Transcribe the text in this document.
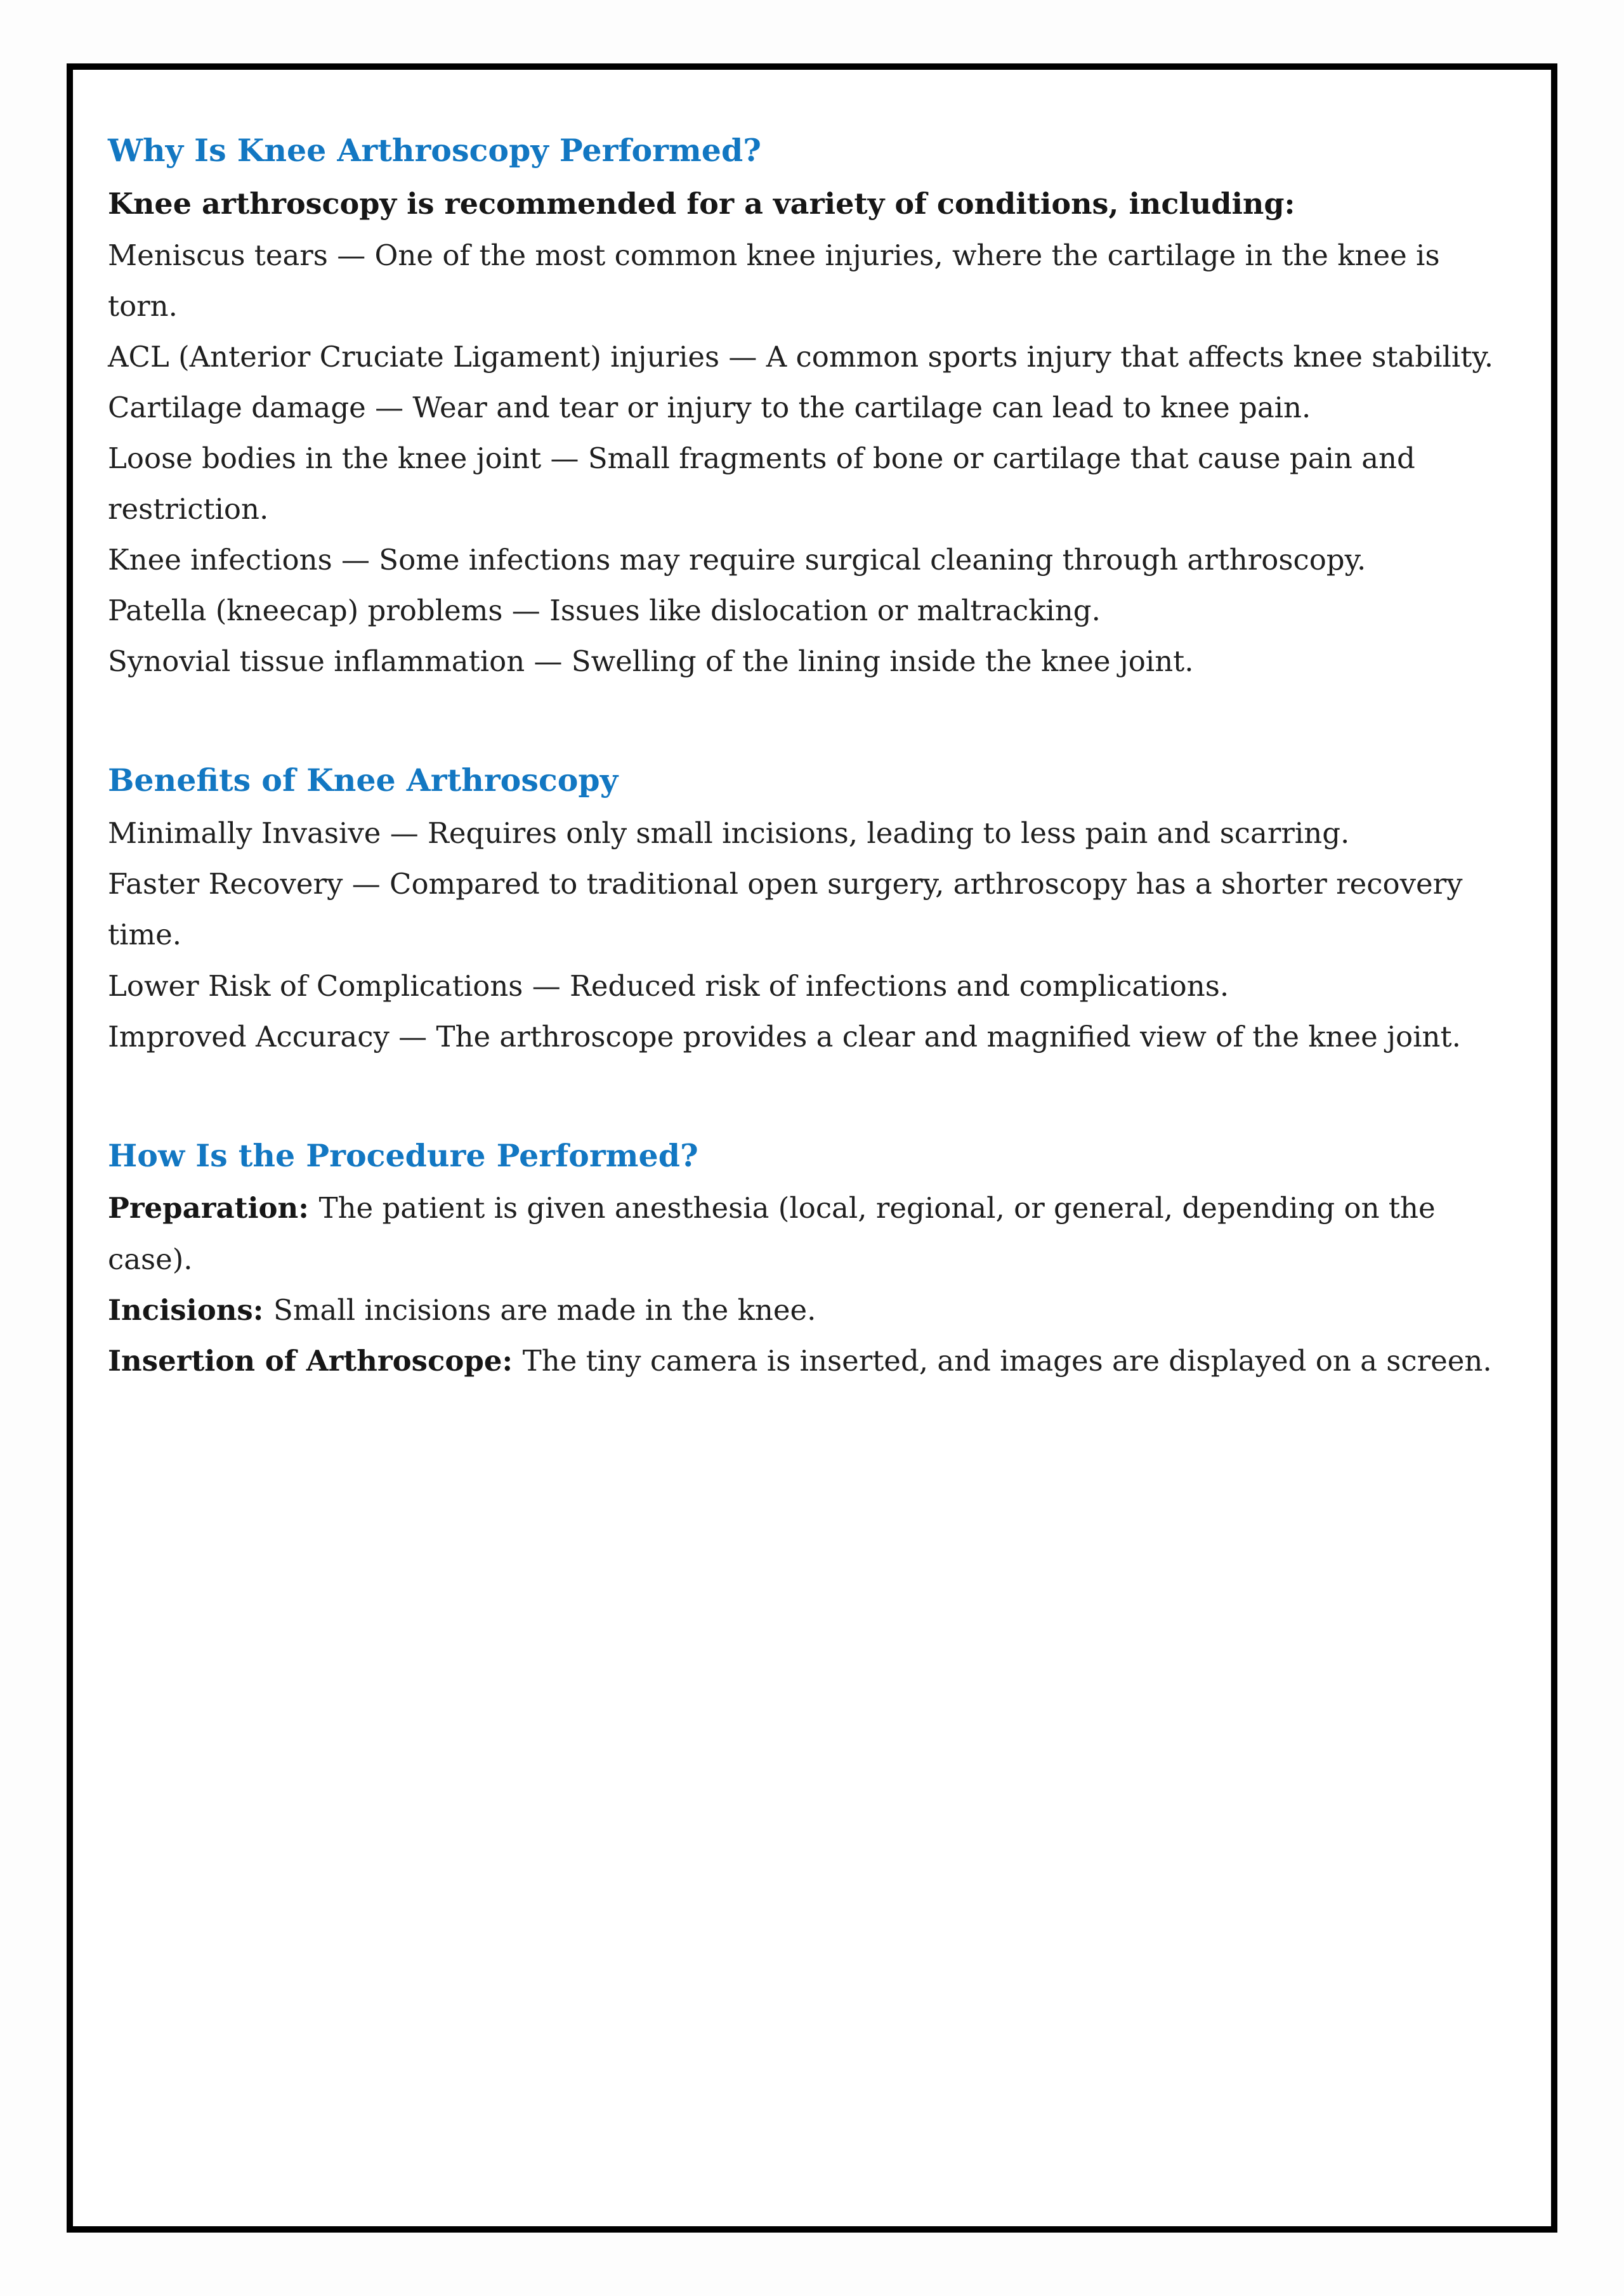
Why Is Knee Arthroscopy Performed?

Knee arthroscopy is recommended for a variety of conditions, including:

Meniscus tears — One of the most common knee injuries, where the cartilage in the knee is torn.

ACL (Anterior Cruciate Ligament) injuries — A common sports injury that affects knee stability.

Cartilage damage — Wear and tear or injury to the cartilage can lead to knee pain.

Loose bodies in the knee joint — Small fragments of bone or cartilage that cause pain and restriction.

Knee infections — Some infections may require surgical cleaning through arthroscopy.

Patella (kneecap) problems — Issues like dislocation or maltracking.

Synovial tissue inflammation — Swelling of the lining inside the knee joint.

Benefits of Knee Arthroscopy

Minimally Invasive — Requires only small incisions, leading to less pain and scarring.

Faster Recovery — Compared to traditional open surgery, arthroscopy has a shorter recovery time.

Lower Risk of Complications — Reduced risk of infections and complications.

Improved Accuracy — The arthroscope provides a clear and magnified view of the knee joint.

How Is the Procedure Performed?

Preparation: The patient is given anesthesia (local, regional, or general, depending on the case).

Incisions: Small incisions are made in the knee.

Insertion of Arthroscope: The tiny camera is inserted, and images are displayed on a screen.
